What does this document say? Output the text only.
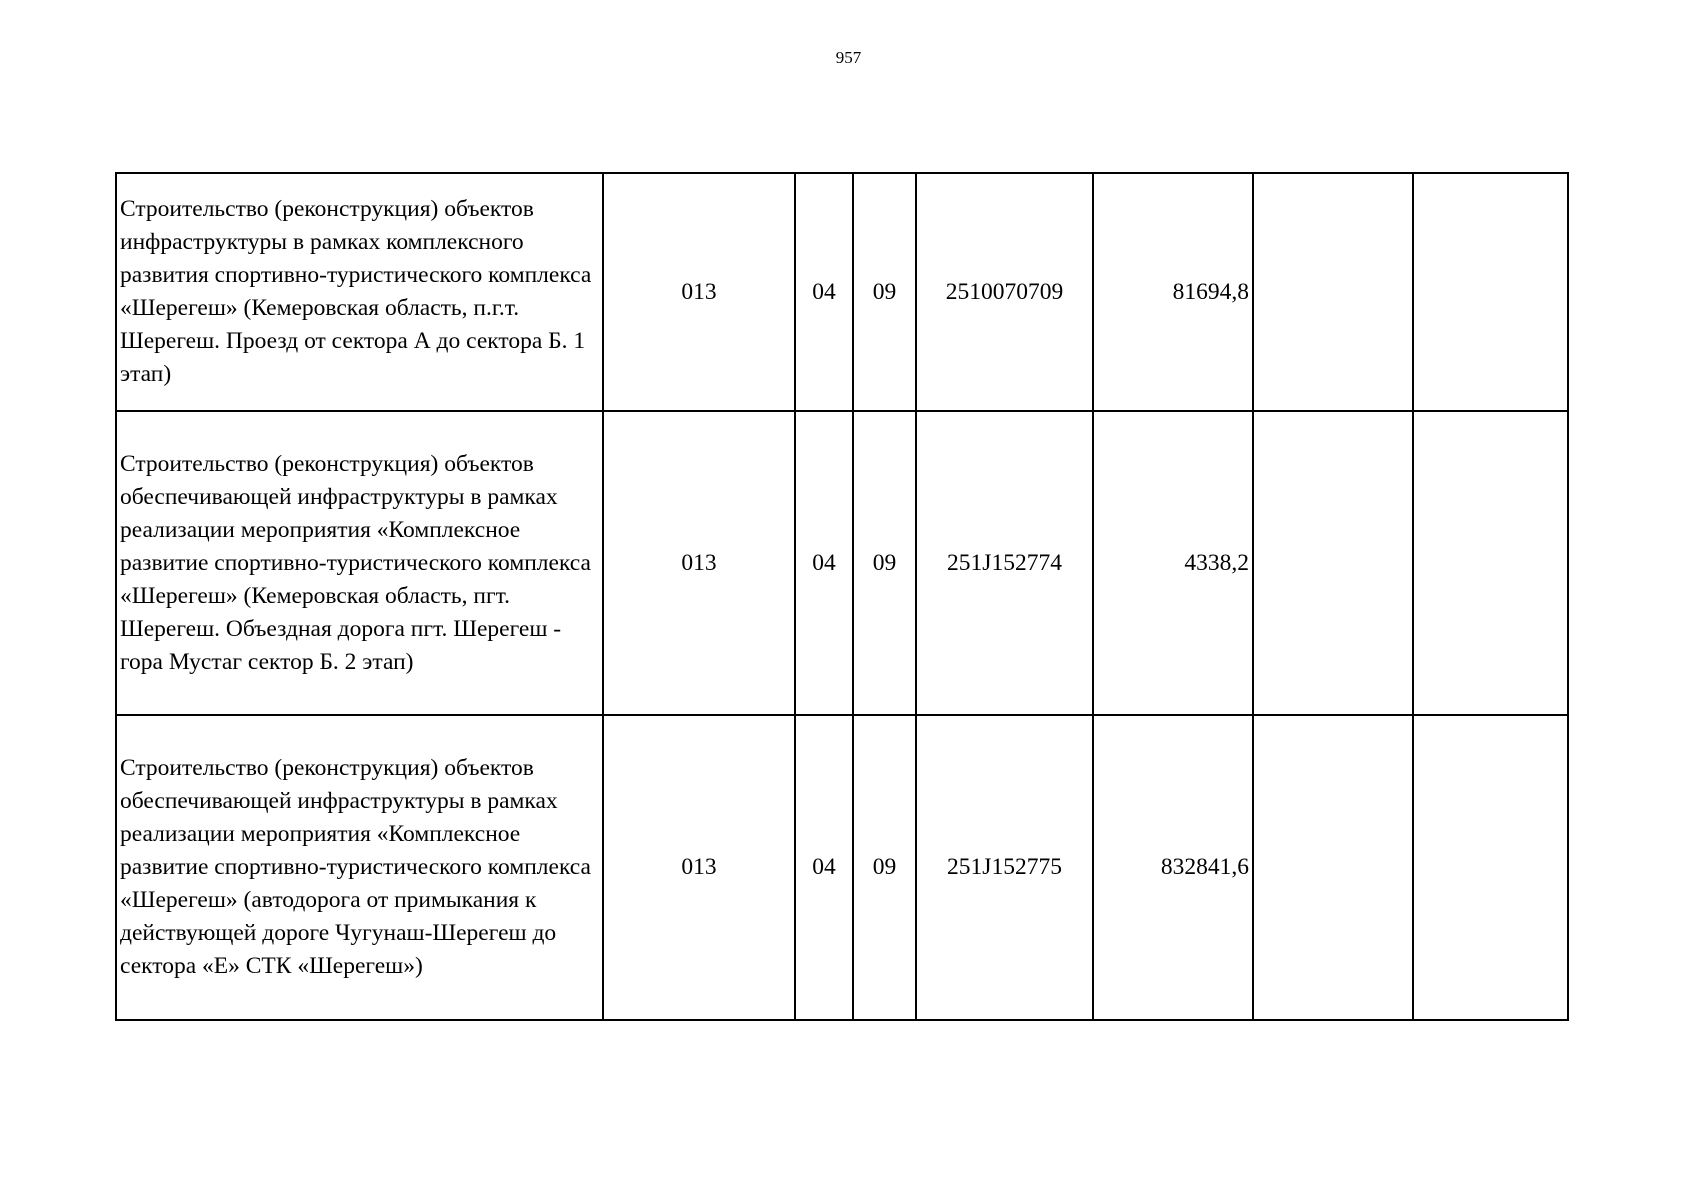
957
Строительство (реконструкция) объектов инфраструктуры в рамках комплексного развития спортивно-туристического комплекса «Шерегеш» (Кемеровская область, п.г.т. Шерегеш. Проезд от сектора А до сектора Б. 1 этап)	013	04	09	2510070709	81694,8		
Строительство (реконструкция) объектов обеспечивающей инфраструктуры в рамках реализации мероприятия «Комплексное развитие спортивно-туристического комплекса «Шерегеш» (Кемеровская область, пгт. Шерегеш. Объездная дорога пгт. Шерегеш - гора Мустаг сектор Б. 2 этап)	013	04	09	251J152774	4338,2		
Строительство (реконструкция) объектов обеспечивающей инфраструктуры в рамках реализации мероприятия «Комплексное развитие спортивно-туристического комплекса «Шерегеш» (автодорога от примыкания к действующей дороге Чугунаш-Шерегеш до сектора «Е» СТК «Шерегеш»)	013	04	09	251J152775	832841,6		
